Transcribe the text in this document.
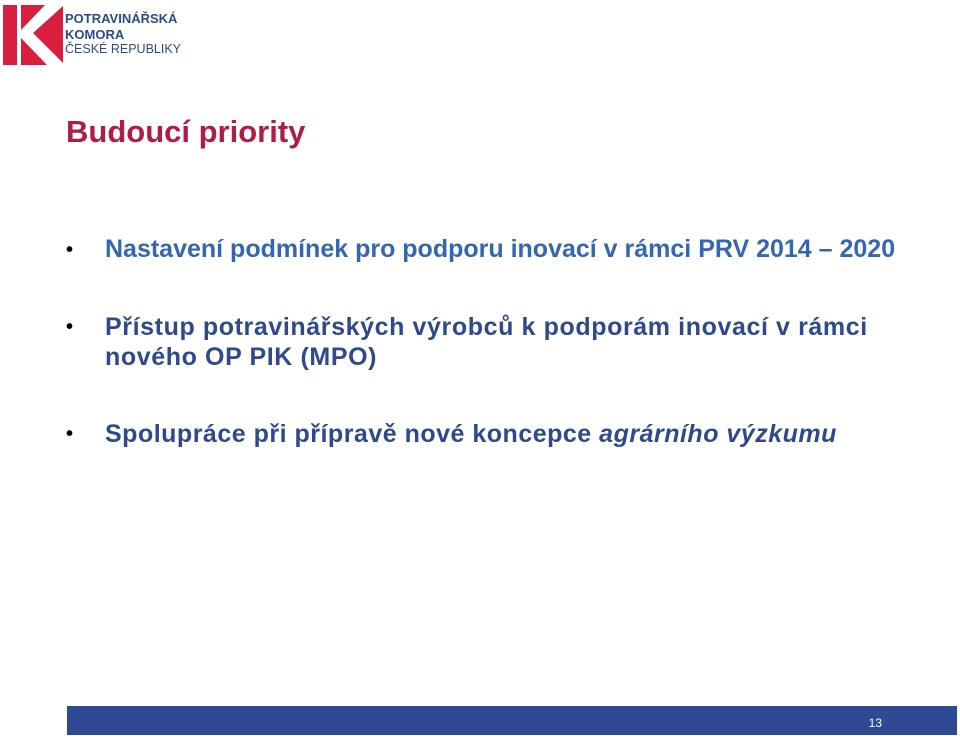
POTRAVINÁŘSKÁ
KOMORA
ČESKÉ REPUBLIKY
Budoucí priority
• Nastavení podmínek pro podporu inovací v rámci PRV 2014 – 2020
• Přístup potravinářských výrobců k podporám inovací v rámci nového OP PIK (MPO)
• Spolupráce při přípravě nové koncepce agrárního výzkumu
13
